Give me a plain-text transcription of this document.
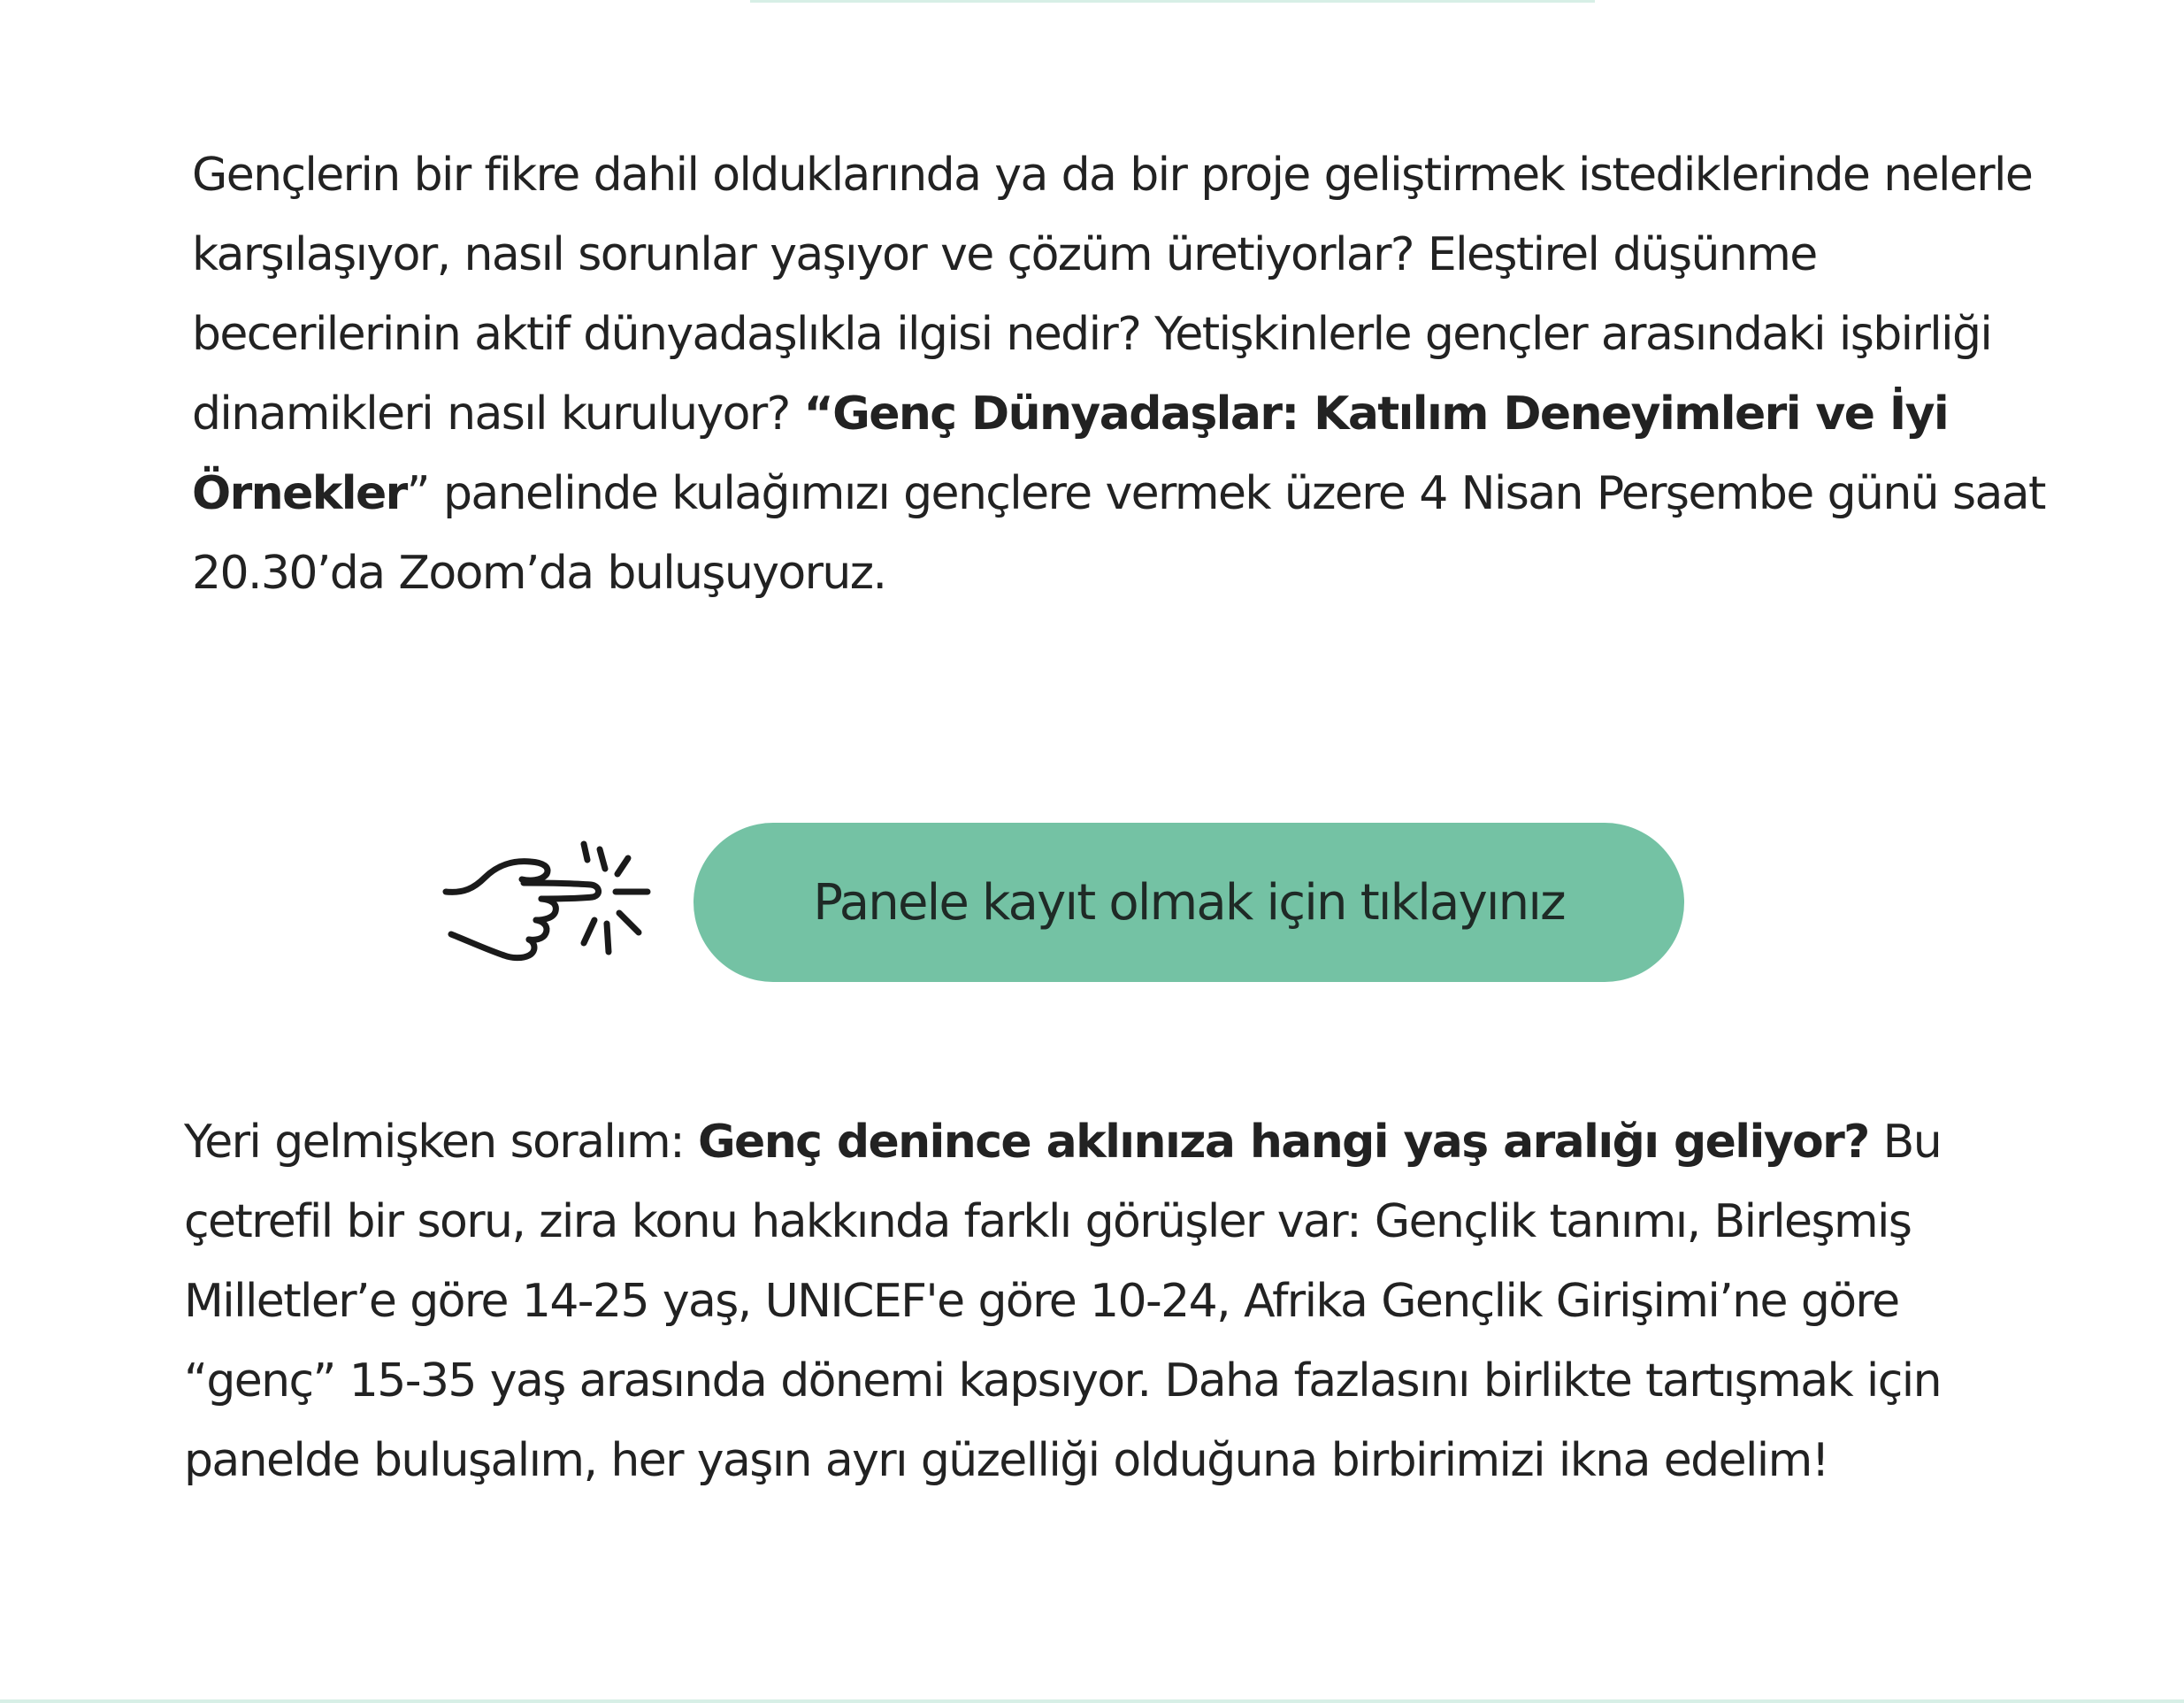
Gençlerin bir fikre dahil olduklarında ya da bir proje geliştirmek istediklerinde nelerle karşılaşıyor, nasıl sorunlar yaşıyor ve çözüm üretiyorlar? Eleştirel düşünme becerilerinin aktif dünyadaşlıkla ilgisi nedir? Yetişkinlerle gençler arasındaki işbirliği dinamikleri nasıl kuruluyor? “Genç Dünyadaşlar: Katılım Deneyimleri ve İyi Örnekler” panelinde kulağımızı gençlere vermek üzere 4 Nisan Perşembe günü saat 20.30’da Zoom’da buluşuyoruz.

Panele kayıt olmak için tıklayınız

Yeri gelmişken soralım: Genç denince aklınıza hangi yaş aralığı geliyor? Bu çetrefil bir soru, zira konu hakkında farklı görüşler var: Gençlik tanımı, Birleşmiş Milletler’e göre 14-25 yaş, UNICEF'e göre 10-24, Afrika Gençlik Girişimi’ne göre “genç” 15-35 yaş arasında dönemi kapsıyor. Daha fazlasını birlikte tartışmak için panelde buluşalım, her yaşın ayrı güzelliği olduğuna birbirimizi ikna edelim!
